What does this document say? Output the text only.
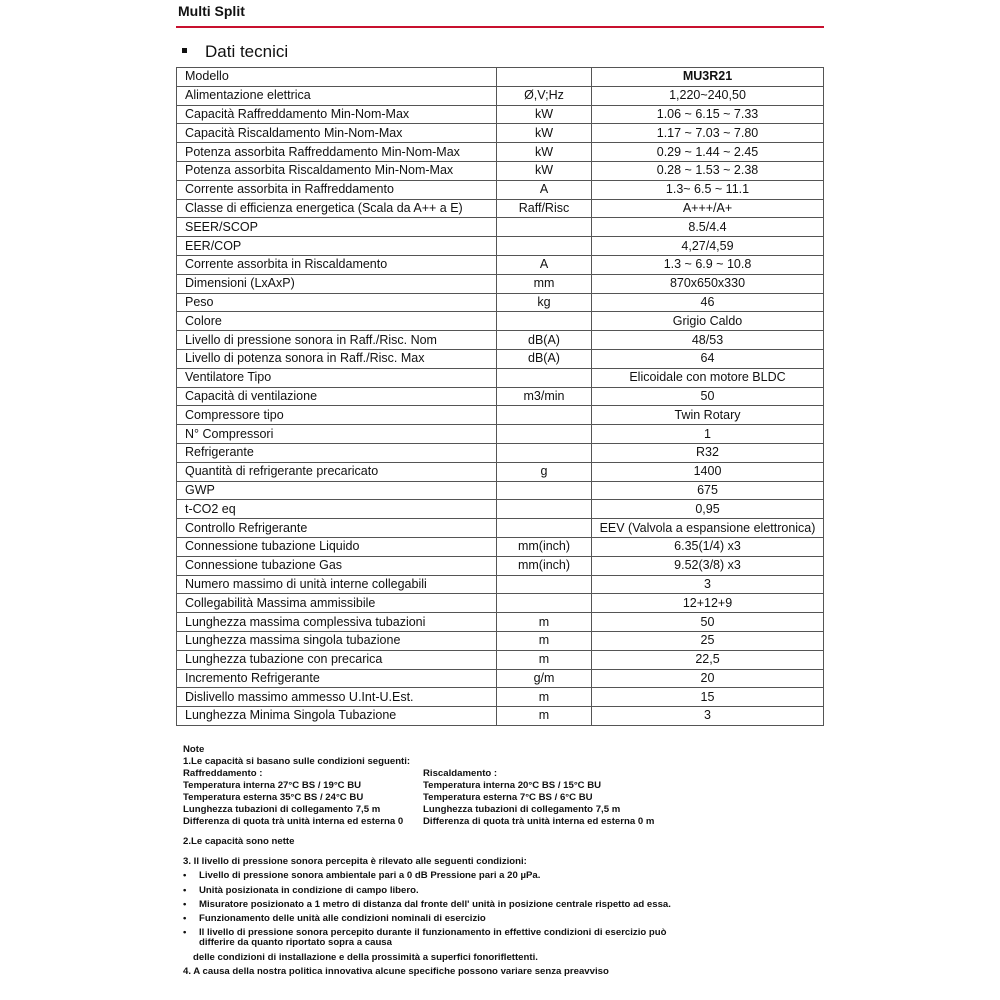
Multi Split
Dati tecnici
Modello		MU3R21
Alimentazione elettrica	Ø,V;Hz	1,220~240,50
Capacità Raffreddamento Min-Nom-Max	kW	1.06 ~ 6.15 ~ 7.33
Capacità Riscaldamento Min-Nom-Max	kW	1.17 ~ 7.03 ~ 7.80
Potenza assorbita Raffreddamento Min-Nom-Max	kW	0.29 ~ 1.44 ~ 2.45
Potenza assorbita Riscaldamento Min-Nom-Max	kW	0.28 ~ 1.53 ~ 2.38
Corrente assorbita in Raffreddamento	A	1.3~ 6.5 ~ 11.1
Classe di efficienza energetica (Scala da A++ a E)	Raff/Risc	A+++/A+
SEER/SCOP		8.5/4.4
EER/COP		4,27/4,59
Corrente assorbita in Riscaldamento	A	1.3 ~ 6.9 ~ 10.8
Dimensioni (LxAxP)	mm	870x650x330
Peso	kg	46
Colore		Grigio Caldo
Livello di pressione sonora in Raff./Risc. Nom	dB(A)	48/53
Livello di potenza sonora in Raff./Risc. Max	dB(A)	64
Ventilatore Tipo		Elicoidale con motore BLDC
Capacità di ventilazione	m3/min	50
Compressore tipo		Twin Rotary
N° Compressori		1
Refrigerante		R32
Quantità di refrigerante precaricato	g	1400
GWP		675
t-CO2 eq		0,95
Controllo Refrigerante		EEV (Valvola a espansione elettronica)
Connessione tubazione Liquido	mm(inch)	6.35(1/4) x3
Connessione tubazione Gas	mm(inch)	9.52(3/8) x3
Numero massimo di unità interne collegabili		3
Collegabilità Massima ammissibile		12+12+9
Lunghezza massima complessiva tubazioni	m	50
Lunghezza massima singola tubazione	m	25
Lunghezza tubazione con precarica	m	22,5
Incremento Refrigerante	g/m	20
Dislivello massimo ammesso U.Int-U.Est.	m	15
Lunghezza Minima Singola Tubazione	m	3
Note
1.Le capacità si basano sulle condizioni seguenti:
Raffreddamento :	Riscaldamento :
Temperatura interna 27°C BS / 19°C BU	Temperatura interna 20°C BS / 15°C BU
Temperatura esterna 35°C BS / 24°C BU	Temperatura esterna 7°C BS / 6°C BU
Lunghezza tubazioni di collegamento 7,5 m	Lunghezza tubazioni di collegamento 7,5 m
Differenza di quota trà unità interna ed esterna 0 Differenza di quota trà unità interna ed esterna 0 m
2.Le capacità sono nette
3. Il livello di pressione sonora percepita è rilevato alle seguenti condizioni:
• Livello di pressione sonora ambientale pari a 0 dB Pressione pari a 20 µPa.
• Unità posizionata in condizione di campo libero.
• Misuratore posizionato a 1 metro di distanza dal fronte dell' unità in posizione centrale rispetto ad essa.
• Funzionamento delle unità alle condizioni nominali di esercizio
• Il livello di pressione sonora percepito durante il funzionamento in effettive condizioni di esercizio può differire da quanto riportato sopra a causa
delle condizioni di installazione e della prossimità a superfici fonoriflettenti.
4. A causa della nostra politica innovativa alcune specifiche possono variare senza preavviso
